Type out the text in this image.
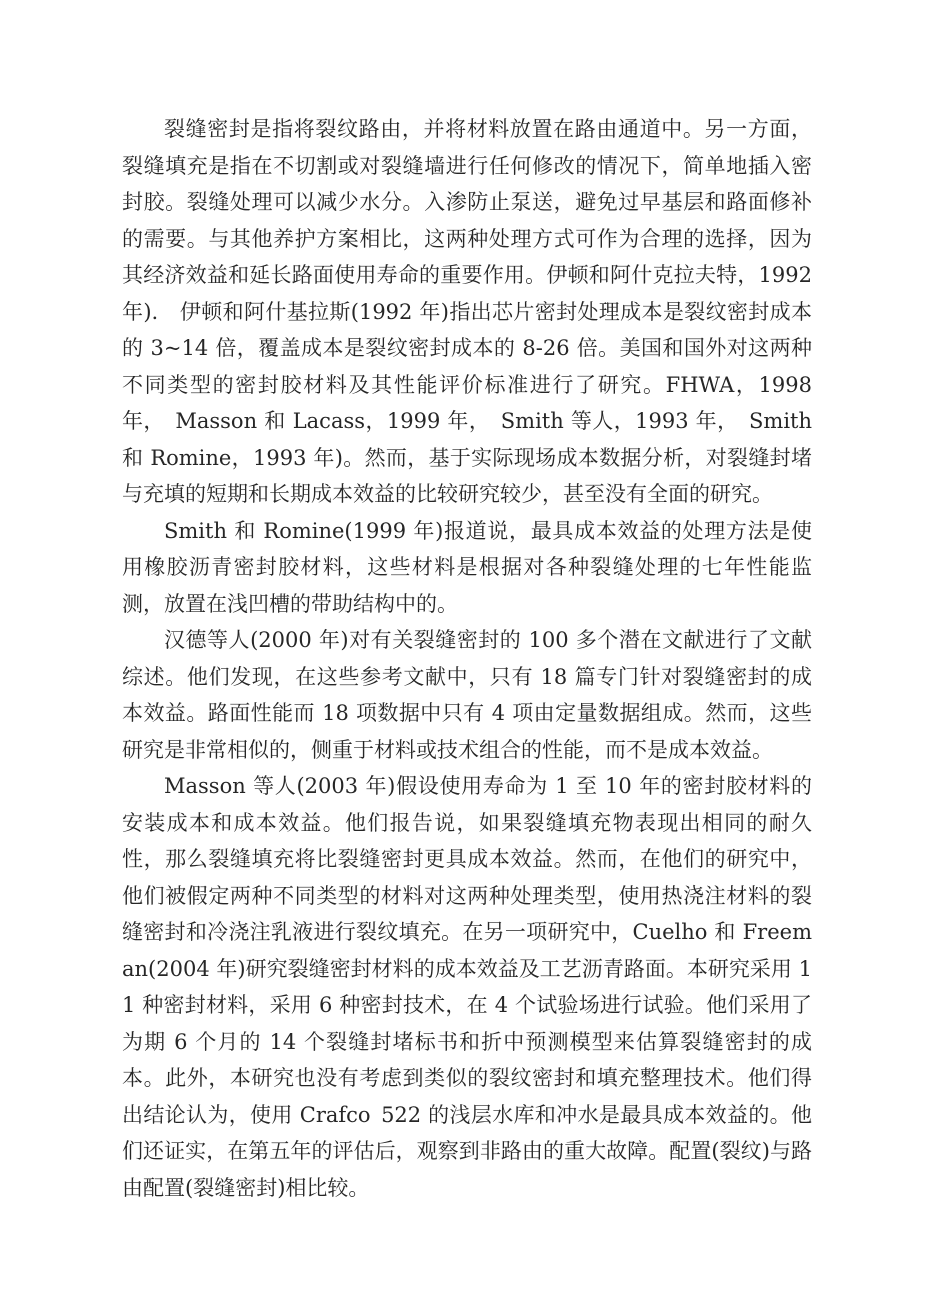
裂缝密封是指将裂纹路由，并将材料放置在路由通道中。另一方面，裂缝填充是指在不切割或对裂缝墙进行任何修改的情况下，简单地插入密封胶。裂缝处理可以减少水分。入渗防止泵送，避免过早基层和路面修补的需要。与其他养护方案相比，这两种处理方式可作为合理的选择，因为其经济效益和延长路面使用寿命的重要作用。伊顿和阿什克拉夫特，1992 年).　伊顿和阿什基拉斯(1992 年)指出芯片密封处理成本是裂纹密封成本的 3~14 倍，覆盖成本是裂纹密封成本的 8-26 倍。美国和国外对这两种不同类型的密封胶材料及其性能评价标准进行了研究。FHWA，1998 年， Masson 和 Lacass，1999 年， Smith 等人，1993 年， Smith 和 Romine，1993 年)。然而，基于实际现场成本数据分析，对裂缝封堵与充填的短期和长期成本效益的比较研究较少，甚至没有全面的研究。

Smith 和 Romine(1999 年)报道说，最具成本效益的处理方法是使用橡胶沥青密封胶材料，这些材料是根据对各种裂缝处理的七年性能监测，放置在浅凹槽的带助结构中的。

汉德等人(2000 年)对有关裂缝密封的 100 多个潜在文献进行了文献综述。他们发现，在这些参考文献中，只有 18 篇专门针对裂缝密封的成本效益。路面性能而 18 项数据中只有 4 项由定量数据组成。然而，这些研究是非常相似的，侧重于材料或技术组合的性能，而不是成本效益。

Masson 等人(2003 年)假设使用寿命为 1 至 10 年的密封胶材料的安装成本和成本效益。他们报告说，如果裂缝填充物表现出相同的耐久性，那么裂缝填充将比裂缝密封更具成本效益。然而，在他们的研究中，他们被假定两种不同类型的材料对这两种处理类型，使用热浇注材料的裂缝密封和冷浇注乳液进行裂纹填充。在另一项研究中，Cuelho 和 Freeman(2004 年)研究裂缝密封材料的成本效益及工艺沥青路面。本研究采用 11 种密封材料，采用 6 种密封技术，在 4 个试验场进行试验。他们采用了为期 6 个月的 14 个裂缝封堵标书和折中预测模型来估算裂缝密封的成本。此外，本研究也没有考虑到类似的裂纹密封和填充整理技术。他们得出结论认为，使用 Crafco 522 的浅层水库和冲水是最具成本效益的。他们还证实，在第五年的评估后，观察到非路由的重大故障。配置(裂纹)与路由配置(裂缝密封)相比较。
